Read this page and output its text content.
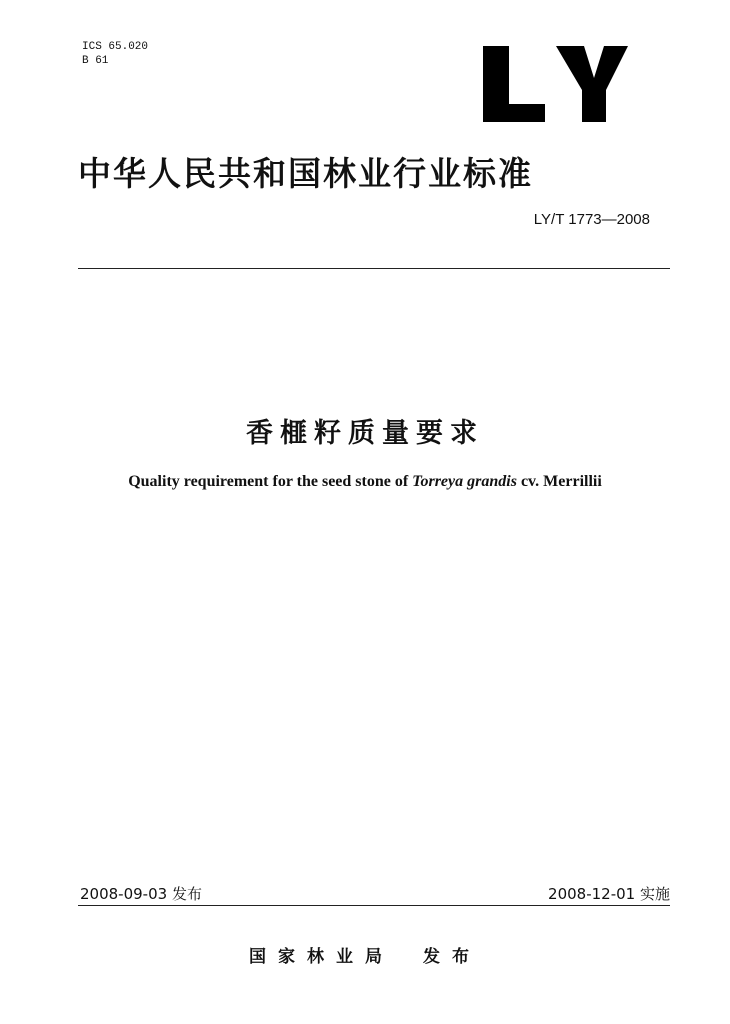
ICS 65.020
B 61
中华人民共和国林业行业标准
LY/T 1773—2008
香榧籽质量要求
Quality requirement for the seed stone of Torreya grandis cv. Merrillii
2008-09-03 发布	2008-12-01 实施
国家林业局　发布
